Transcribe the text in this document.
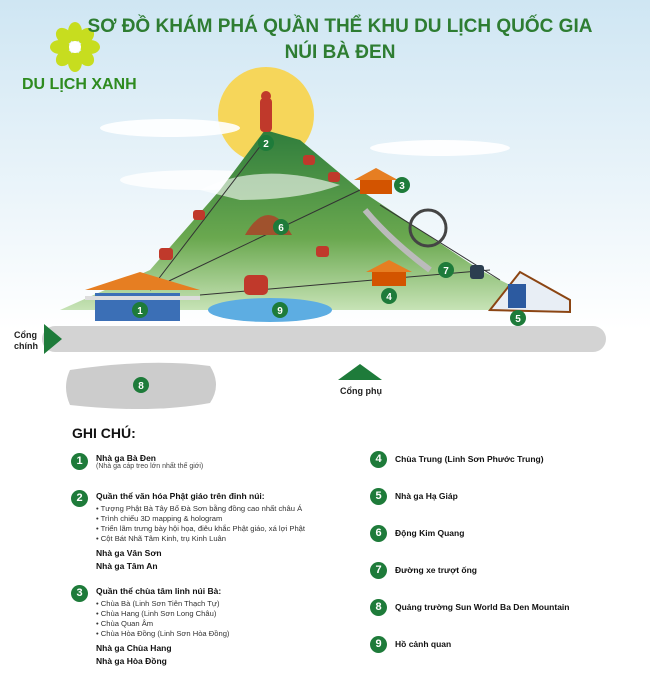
1
2
3
4
5
6
7
8
9
DU LỊCH XANH
SƠ ĐỒ KHÁM PHÁ QUẦN THỂ KHU DU LỊCH QUỐC GIA
NÚI BÀ ĐEN
Cổng chính
Cổng phụ
GHI CHÚ:
1	Nhà ga Bà Đen
(Nhà ga cáp treo lớn nhất thế giới)
2	Quần thể văn hóa Phật giáo trên đỉnh núi:
• Tượng Phật Bà Tây Bổ Đà Sơn bằng đồng cao nhất châu Á
• Trình chiếu 3D mapping & hologram
• Triển lãm trưng bày hội họa, điêu khắc Phật giáo, xá lợi Phật
• Cột Bát Nhã Tâm Kinh, trụ Kinh Luân
Nhà ga Vân Sơn
Nhà ga Tâm An
3	Quần thể chùa tâm linh núi Bà:
• Chùa Bà (Linh Sơn Tiên Thạch Tự)
• Chùa Hang (Linh Sơn Long Châu)
• Chùa Quan Âm
• Chùa Hòa Đồng (Linh Sơn Hòa Đồng)
Nhà ga Chùa Hang
Nhà ga Hòa Đồng
4	Chùa Trung (Linh Sơn Phước Trung)
5	Nhà ga Hạ Giáp
6	Động Kim Quang
7	Đường xe trượt ống
8	Quảng trường Sun World Ba Den Mountain
9	Hồ cảnh quan
